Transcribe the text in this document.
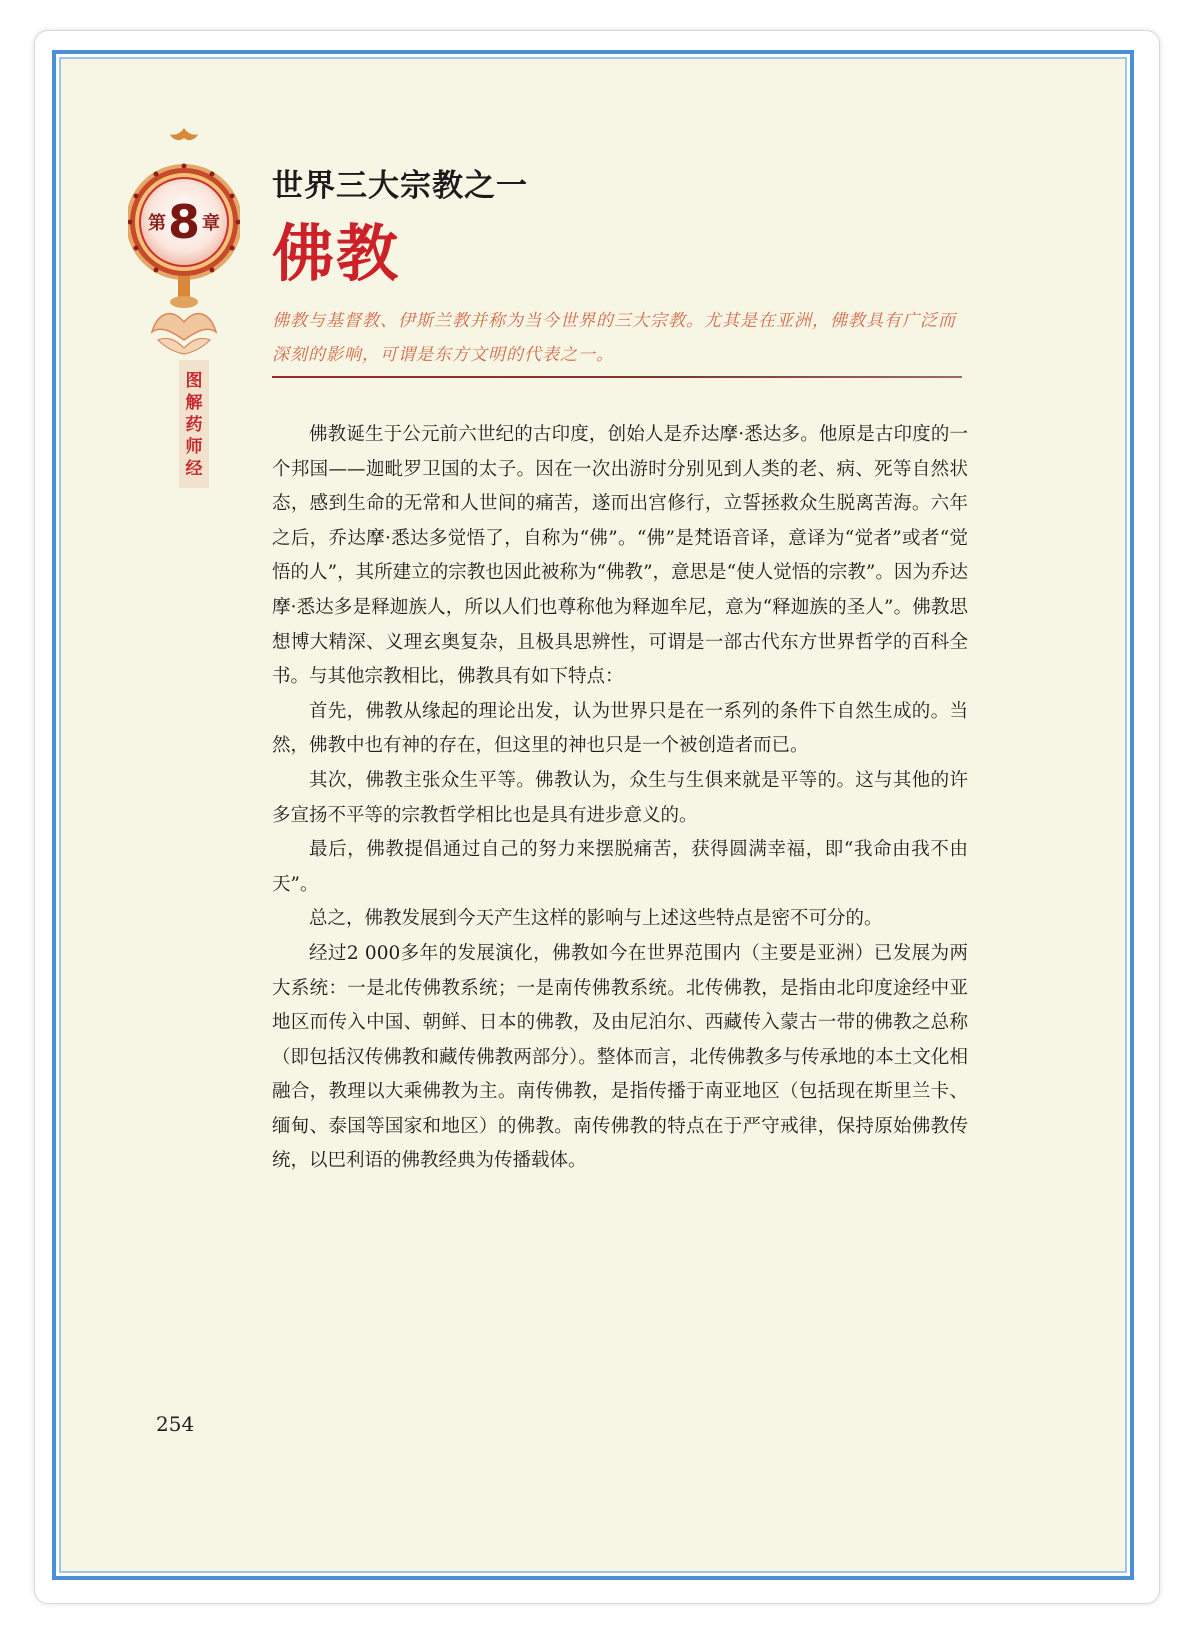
第 8 章
图
解
药
师
经
世界三大宗教之一
佛教
佛教与基督教、伊斯兰教并称为当今世界的三大宗教。尤其是在亚洲，佛教具有广泛而深刻的影响，可谓是东方文明的代表之一。

佛教诞生于公元前六世纪的古印度，创始人是乔达摩·悉达多。他原是古印度的一个邦国——迦毗罗卫国的太子。因在一次出游时分别见到人类的老、病、死等自然状态，感到生命的无常和人世间的痛苦，遂而出宫修行，立誓拯救众生脱离苦海。六年之后，乔达摩·悉达多觉悟了，自称为“佛”。“佛”是梵语音译，意译为“觉者”或者“觉悟的人”，其所建立的宗教也因此被称为“佛教”，意思是“使人觉悟的宗教”。因为乔达摩·悉达多是释迦族人，所以人们也尊称他为释迦牟尼，意为“释迦族的圣人”。佛教思想博大精深、义理玄奥复杂，且极具思辨性，可谓是一部古代东方世界哲学的百科全书。与其他宗教相比，佛教具有如下特点：

首先，佛教从缘起的理论出发，认为世界只是在一系列的条件下自然生成的。当然，佛教中也有神的存在，但这里的神也只是一个被创造者而已。

其次，佛教主张众生平等。佛教认为，众生与生俱来就是平等的。这与其他的许多宣扬不平等的宗教哲学相比也是具有进步意义的。

最后，佛教提倡通过自己的努力来摆脱痛苦，获得圆满幸福，即“我命由我不由天”。

总之，佛教发展到今天产生这样的影响与上述这些特点是密不可分的。

经过2 000多年的发展演化，佛教如今在世界范围内（主要是亚洲）已发展为两大系统：一是北传佛教系统；一是南传佛教系统。北传佛教，是指由北印度途经中亚地区而传入中国、朝鲜、日本的佛教，及由尼泊尔、西藏传入蒙古一带的佛教之总称（即包括汉传佛教和藏传佛教两部分）。整体而言，北传佛教多与传承地的本土文化相融合，教理以大乘佛教为主。南传佛教，是指传播于南亚地区（包括现在斯里兰卡、缅甸、泰国等国家和地区）的佛教。南传佛教的特点在于严守戒律，保持原始佛教传统，以巴利语的佛教经典为传播载体。

254
